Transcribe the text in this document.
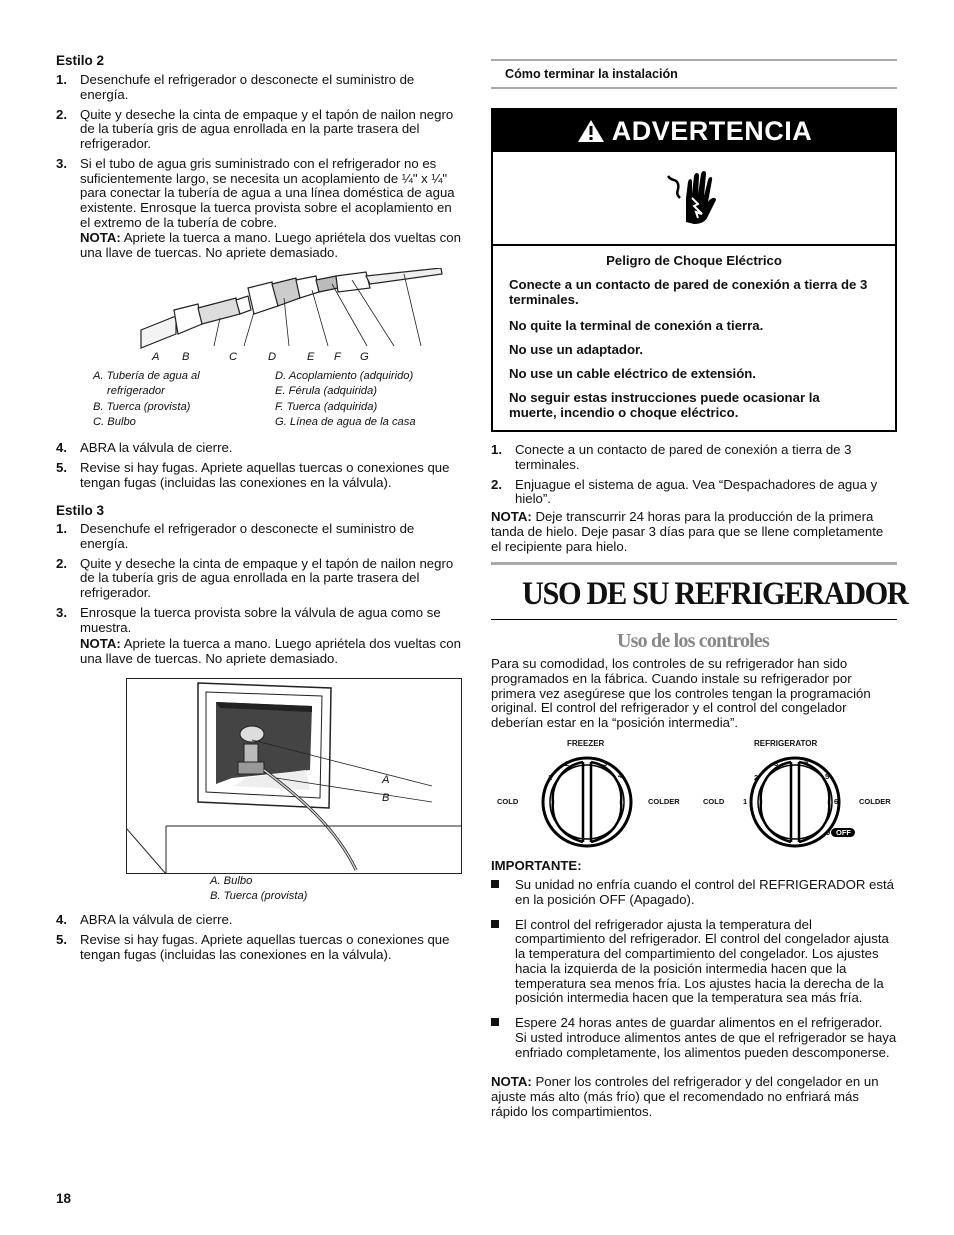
Estilo 2
1. Desenchufe el refrigerador o desconecte el suministro de energía.
2. Quite y deseche la cinta de empaque y el tapón de nailon negro de la tubería gris de agua enrollada en la parte trasera del refrigerador.
3. Si el tubo de agua gris suministrado con el refrigerador no es suficientemente largo, se necesita un acoplamiento de ¼" x ¼" para conectar la tubería de agua a una línea doméstica de agua existente. Enrosque la tuerca provista sobre el acoplamiento en el extremo de la tubería de cobre.
NOTA: Apriete la tuerca a mano. Luego apriétela dos vueltas con una llave de tuercas. No apriete demasiado.
A B	C	D	E F G
A. Tubería de agua al
refrigerador
B. Tuerca (provista)
C. Bulbo
D. Acoplamiento (adquirido)
E. Férula (adquirida)
F. Tuerca (adquirida)
G. Línea de agua de la casa
4. ABRA la válvula de cierre.
5. Revise si hay fugas. Apriete aquellas tuercas o conexiones que tengan fugas (incluidas las conexiones en la válvula).
Estilo 3
1. Desenchufe el refrigerador o desconecte el suministro de energía.
2. Quite y deseche la cinta de empaque y el tapón de nailon negro de la tubería gris de agua enrollada en la parte trasera del refrigerador.
3. Enrosque la tuerca provista sobre la válvula de agua como se muestra.
NOTA: Apriete la tuerca a mano. Luego apriétela dos vueltas con una llave de tuercas. No apriete demasiado.
A
B
A. Bulbo
B. Tuerca (provista)
4. ABRA la válvula de cierre.
5. Revise si hay fugas. Apriete aquellas tuercas o conexiones que tengan fugas (incluidas las conexiones en la válvula).
18
Cómo terminar la instalación
ADVERTENCIA
Peligro de Choque Eléctrico
Conecte a un contacto de pared de conexión a tierra de 3 terminales.
No quite la terminal de conexión a tierra.
No use un adaptador.
No use un cable eléctrico de extensión.
No seguir estas instrucciones puede ocasionar la muerte, incendio o choque eléctrico.
1. Conecte a un contacto de pared de conexión a tierra de 3 terminales.
2. Enjuague el sistema de agua. Vea “Despachadores de agua y hielo”.
NOTA: Deje transcurrir 24 horas para la producción de la primera tanda de hielo. Deje pasar 3 días para que se llene completamente el recipiente para hielo.
USO DE SU REFRIGERADOR
Uso de los controles
Para su comodidad, los controles de su refrigerador han sido programados en la fábrica. Cuando instale su refrigerador por primera vez asegúrese que los controles tengan la programación original. El control del refrigerador y el control del congelador deberían estar en la “posición intermedia”.
FREEZER
1
2	3
4
COLD	COLDER
REFRIGERATOR
0
1
2
3	4
5
6
COLD	COLDER
OFF
IMPORTANTE:
Su unidad no enfría cuando el control del REFRIGERADOR está en la posición OFF (Apagado).
El control del refrigerador ajusta la temperatura del compartimiento del refrigerador. El control del congelador ajusta la temperatura del compartimiento del congelador. Los ajustes hacia la izquierda de la posición intermedia hacen que la temperatura sea menos fría. Los ajustes hacia la derecha de la posición intermedia hacen que la temperatura sea más fría.
Espere 24 horas antes de guardar alimentos en el refrigerador. Si usted introduce alimentos antes de que el refrigerador se haya enfriado completamente, los alimentos pueden descomponerse.
NOTA: Poner los controles del refrigerador y del congelador en un ajuste más alto (más frío) que el recomendado no enfriará más rápido los compartimientos.
